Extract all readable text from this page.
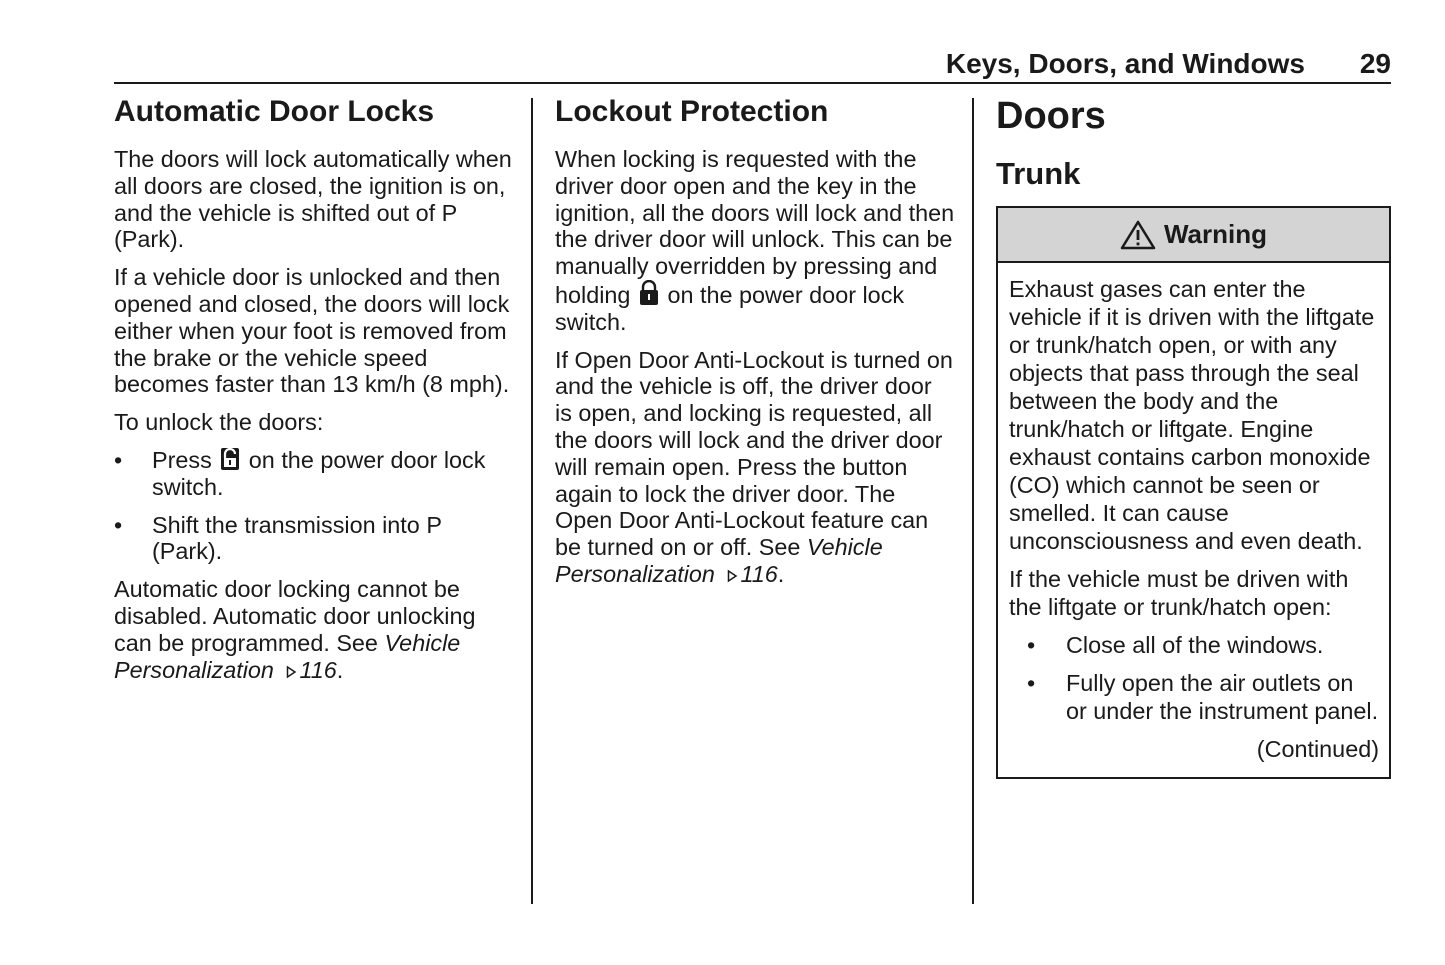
Keys, Doors, and Windows 29
Automatic Door Locks

The doors will lock automatically when all doors are closed, the ignition is on, and the vehicle is shifted out of P (Park).

If a vehicle door is unlocked and then opened and closed, the doors will lock either when your foot is removed from the brake or the vehicle speed becomes faster than 13 km/h (8 mph).

To unlock the doors:

• Press on the power door lock switch.
• Shift the transmission into P (Park).

Automatic door locking cannot be disabled. Automatic door unlocking can be programmed. See Vehicle Personalization 116.

Lockout Protection

When locking is requested with the driver door open and the key in the ignition, all the doors will lock and then the driver door will unlock. This can be manually overridden by pressing and holding on the power door lock switch.

If Open Door Anti-Lockout is turned on and the vehicle is off, the driver door is open, and locking is requested, all the doors will lock and the driver door will remain open. Press the button again to lock the driver door. The Open Door Anti-Lockout feature can be turned on or off. See Vehicle Personalization 116.

Doors
Trunk
Warning

Exhaust gases can enter the vehicle if it is driven with the liftgate or trunk/hatch open, or with any objects that pass through the seal between the body and the trunk/hatch or liftgate. Engine exhaust contains carbon monoxide (CO) which cannot be seen or smelled. It can cause unconsciousness and even death.

If the vehicle must be driven with the liftgate or trunk/hatch open:

• Close all of the windows.
• Fully open the air outlets on or under the instrument panel.

(Continued)
